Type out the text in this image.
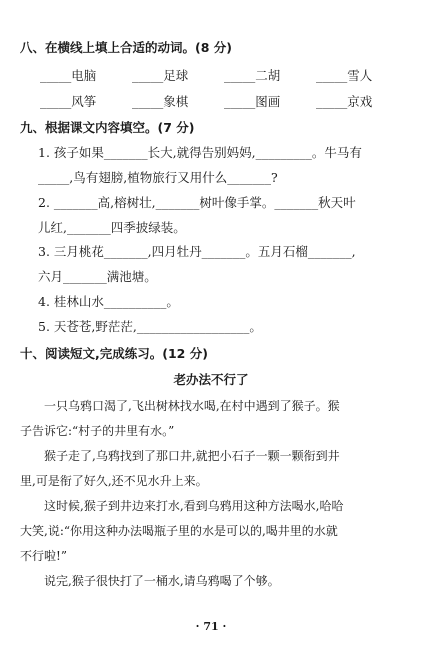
八、在横线上填上合适的动词。(8 分)
_____电脑	_____足球	_____二胡	_____雪人
_____风筝	_____象棋	_____图画	_____京戏
九、根据课文内容填空。(7 分)
1. 孩子如果_______长大,就得告别妈妈,_________。牛马有
_____,鸟有翅膀,植物旅行又用什么_______?
2. _______高,榕树壮,_______树叶像手掌。_______秋天叶
儿红,_______四季披绿装。
3. 三月桃花_______,四月牡丹_______。五月石榴_______,
六月_______满池塘。
4. 桂林山水__________。
5. 天苍苍,野茫茫,__________________。
十、阅读短文,完成练习。(12 分)
老办法不行了
一只乌鸦口渴了,飞出树林找水喝,在村中遇到了猴子。猴
子告诉它:“村子的井里有水。”
猴子走了,乌鸦找到了那口井,就把小石子一颗一颗衔到井
里,可是衔了好久,还不见水升上来。
这时候,猴子到井边来打水,看到乌鸦用这种方法喝水,哈哈
大笑,说:“你用这种办法喝瓶子里的水是可以的,喝井里的水就
不行啦!”
说完,猴子很快打了一桶水,请乌鸦喝了个够。
· 71 ·
